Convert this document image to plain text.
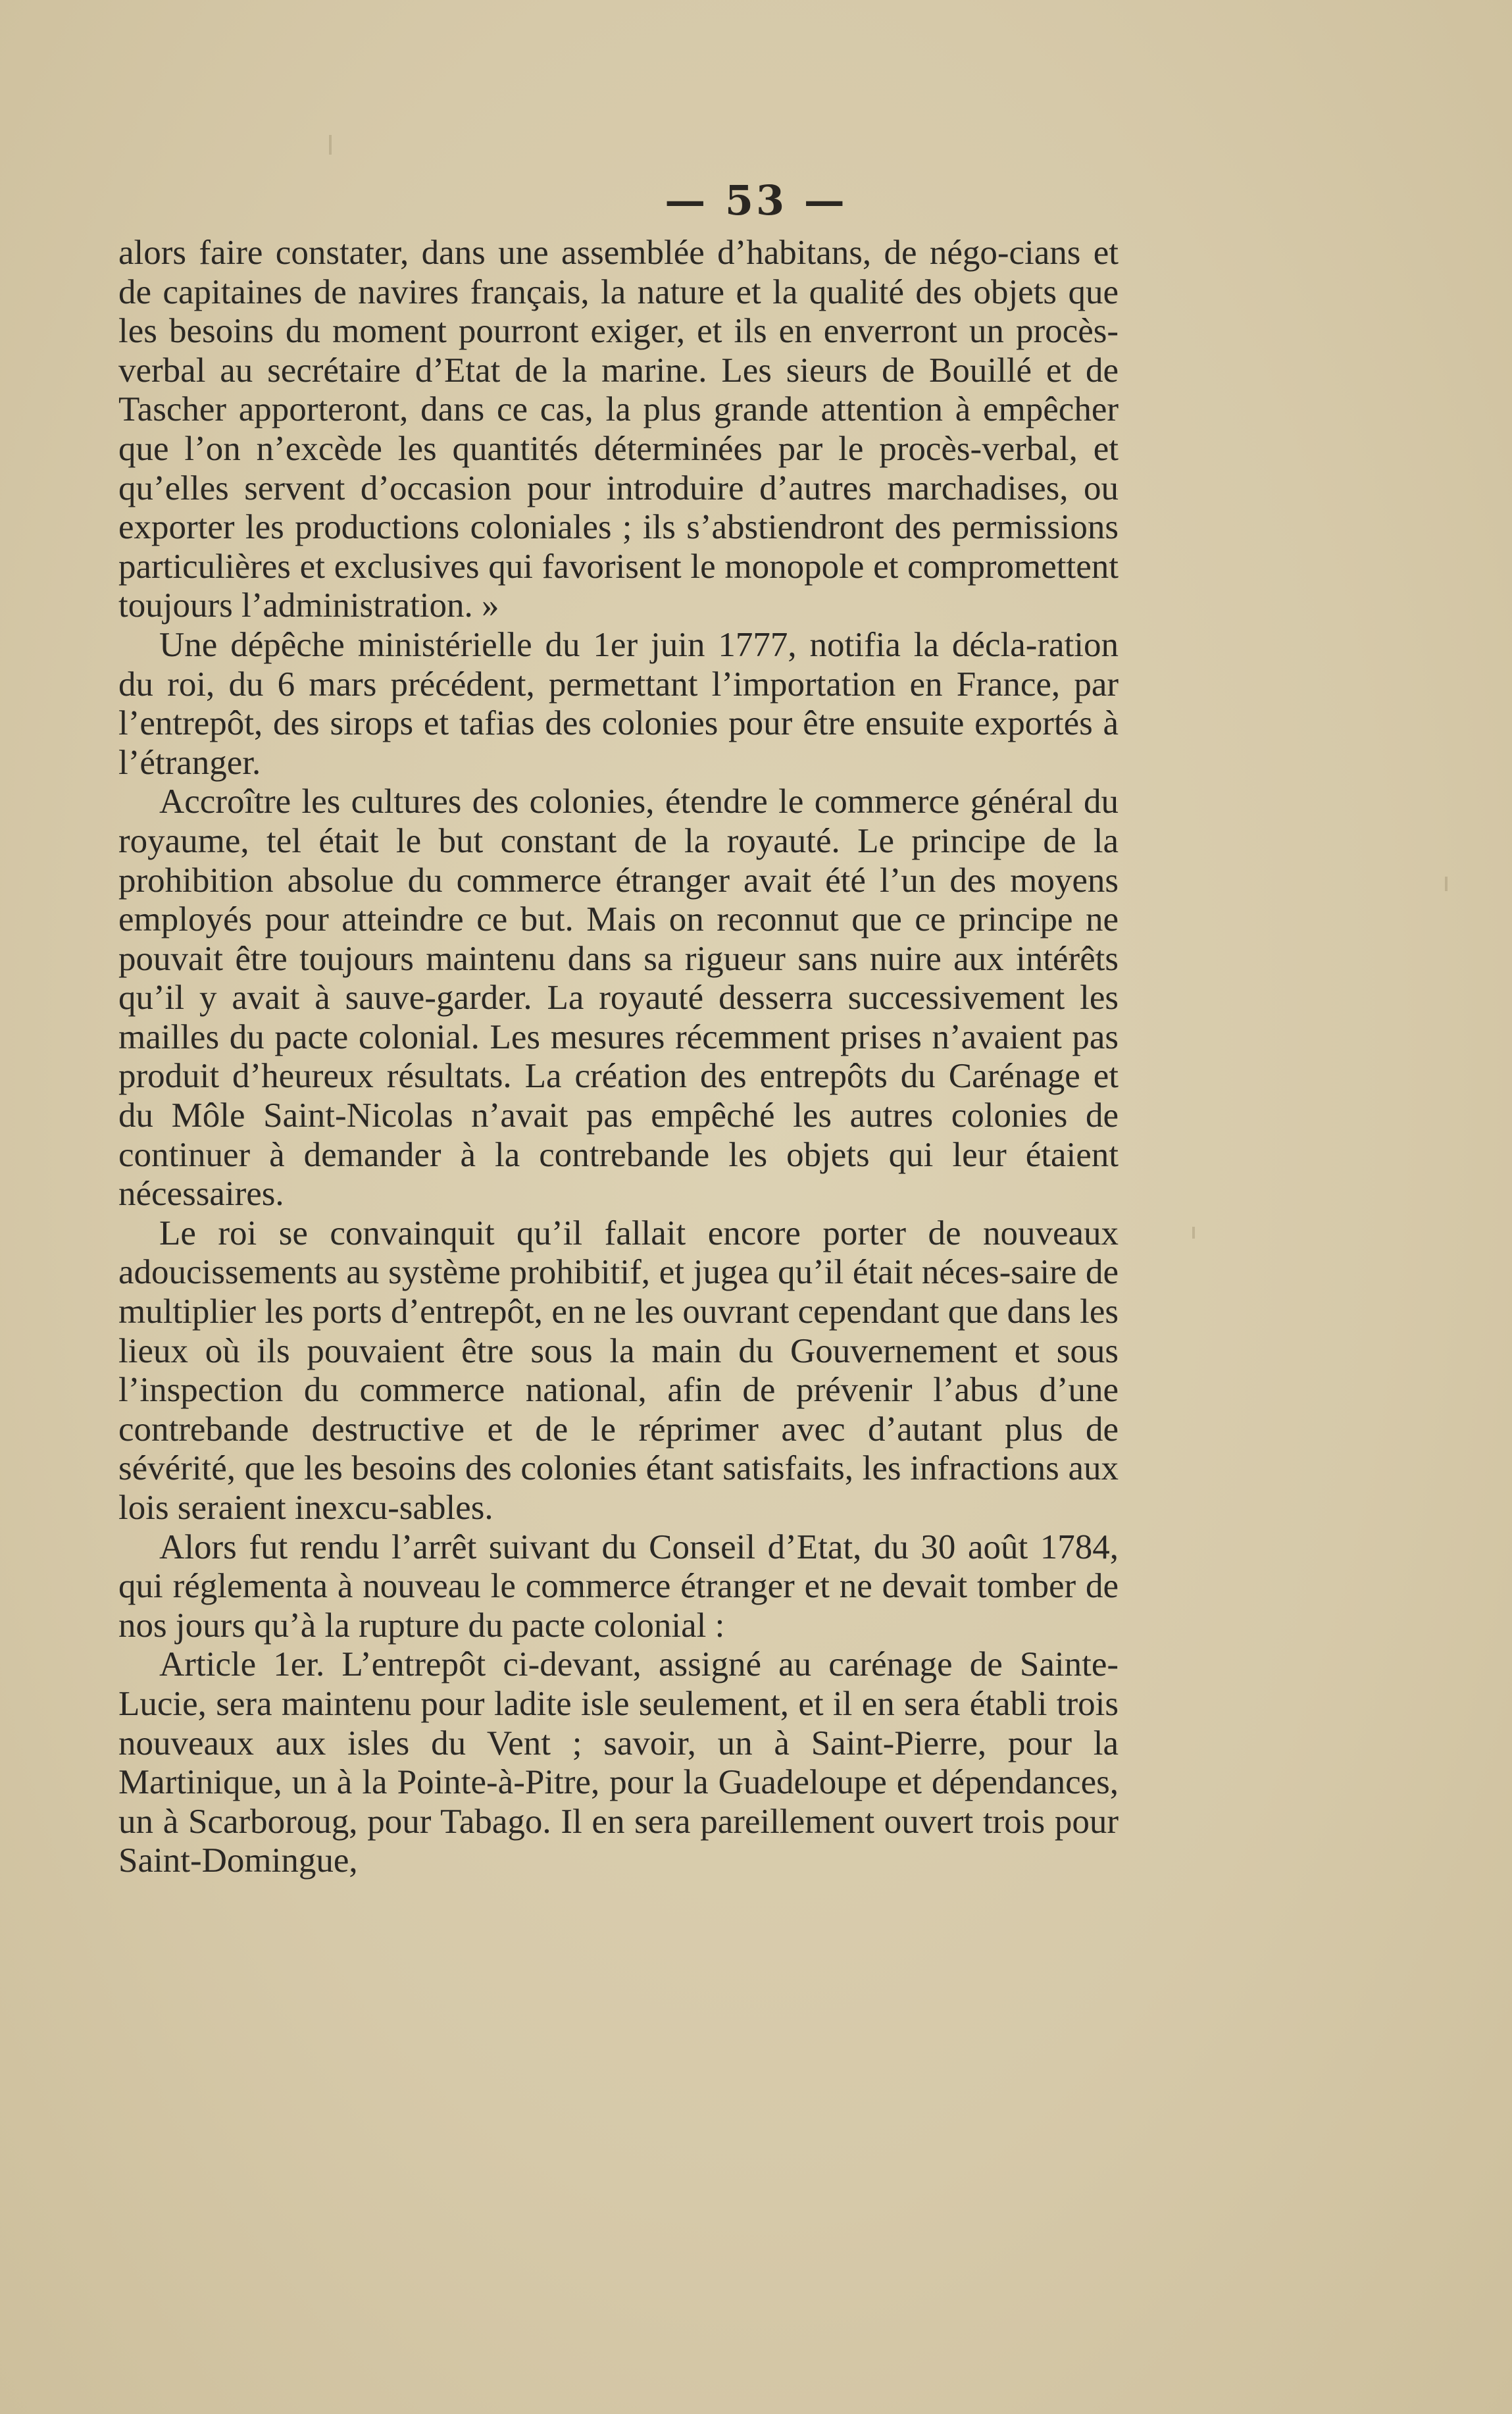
— 53 —

alors faire constater, dans une assemblée d’habitans, de négo-cians et de capitaines de navires français, la nature et la qualité des objets que les besoins du moment pourront exiger, et ils en enverront un procès-verbal au secrétaire d’Etat de la marine. Les sieurs de Bouillé et de Tascher apporteront, dans ce cas, la plus grande attention à empêcher que l’on n’excède les quantités déterminées par le procès-verbal, et qu’elles servent d’occasion pour introduire d’autres marchadises, ou exporter les productions coloniales ; ils s’abstiendront des permissions particulières et exclusives qui favorisent le monopole et compromettent toujours l’administration. »

Une dépêche ministérielle du 1er juin 1777, notifia la décla-ration du roi, du 6 mars précédent, permettant l’importation en France, par l’entrepôt, des sirops et tafias des colonies pour être ensuite exportés à l’étranger.

Accroître les cultures des colonies, étendre le commerce général du royaume, tel était le but constant de la royauté. Le principe de la prohibition absolue du commerce étranger avait été l’un des moyens employés pour atteindre ce but. Mais on reconnut que ce principe ne pouvait être toujours maintenu dans sa rigueur sans nuire aux intérêts qu’il y avait à sauve-garder. La royauté desserra successivement les mailles du pacte colonial. Les mesures récemment prises n’avaient pas produit d’heureux résultats. La création des entrepôts du Carénage et du Môle Saint-Nicolas n’avait pas empêché les autres colonies de continuer à demander à la contrebande les objets qui leur étaient nécessaires.

Le roi se convainquit qu’il fallait encore porter de nouveaux adoucissements au système prohibitif, et jugea qu’il était néces-saire de multiplier les ports d’entrepôt, en ne les ouvrant cependant que dans les lieux où ils pouvaient être sous la main du Gouvernement et sous l’inspection du commerce national, afin de prévenir l’abus d’une contrebande destructive et de le réprimer avec d’autant plus de sévérité, que les besoins des colonies étant satisfaits, les infractions aux lois seraient inexcu-sables.

Alors fut rendu l’arrêt suivant du Conseil d’Etat, du 30 août 1784, qui réglementa à nouveau le commerce étranger et ne devait tomber de nos jours qu’à la rupture du pacte colonial :

Article 1er. L’entrepôt ci-devant, assigné au carénage de Sainte-Lucie, sera maintenu pour ladite isle seulement, et il en sera établi trois nouveaux aux isles du Vent ; savoir, un à Saint-Pierre, pour la Martinique, un à la Pointe-à-Pitre, pour la Guadeloupe et dépendances, un à Scarboroug, pour Tabago. Il en sera pareillement ouvert trois pour Saint-Domingue,
